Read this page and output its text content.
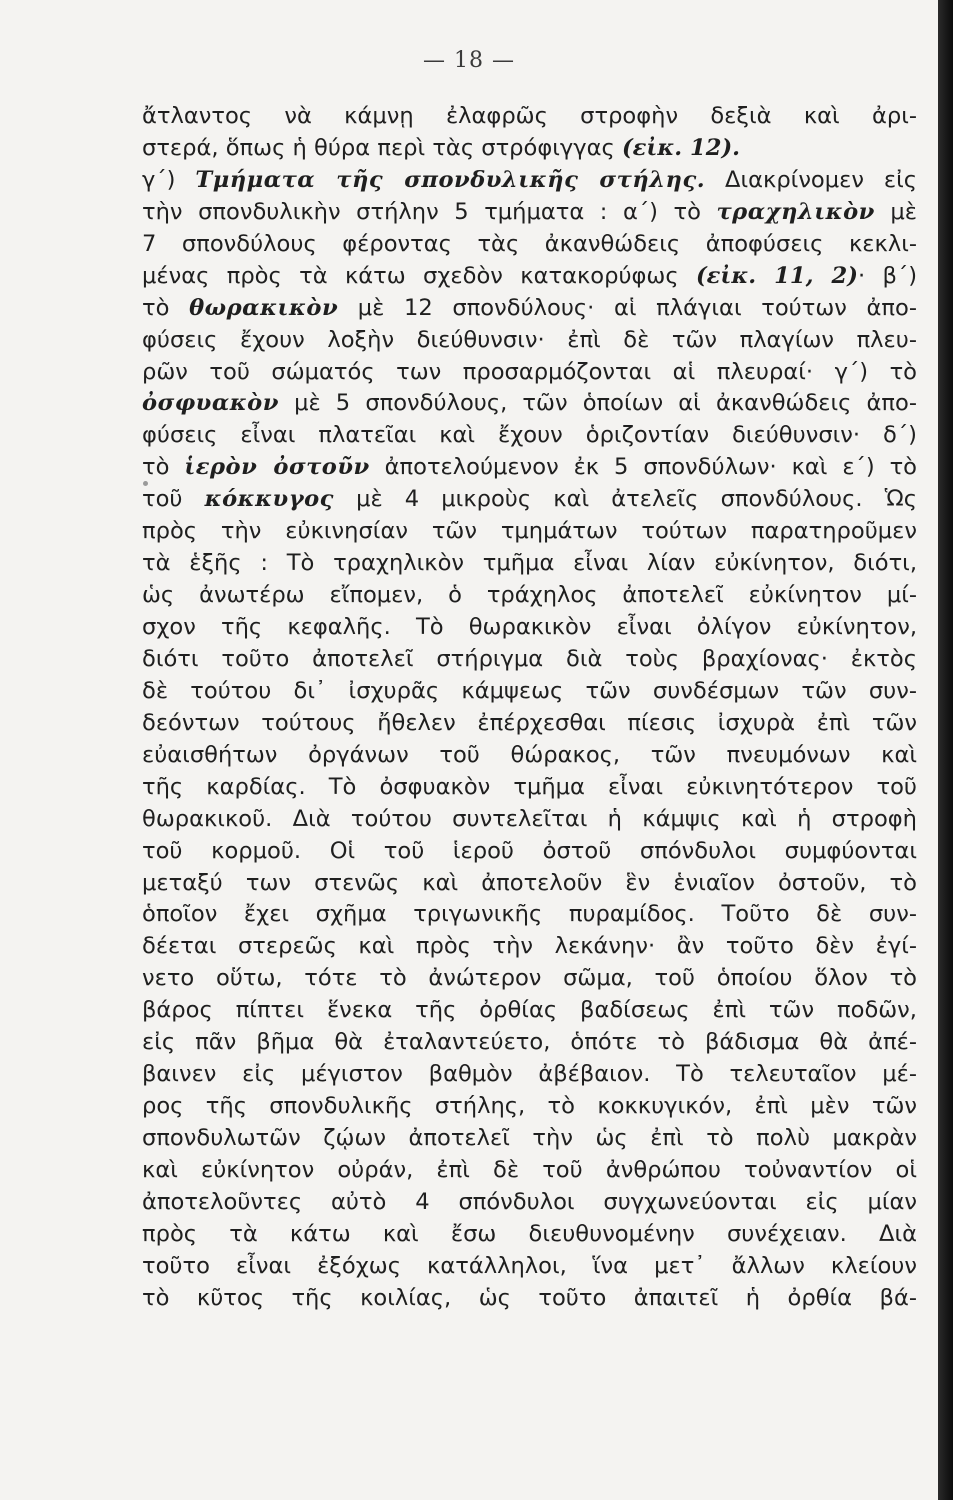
— 18 —
ἄτλαντος νὰ κάμνῃ ἐλαφρῶς στροφὴν δεξιὰ καὶ ἀρι-
στερά, ὅπως ἡ θύρα περὶ τὰς στρόφιγγας (εἰκ. 12).
γ´) Τμήματα τῆς σπονδυλικῆς στήλης. Διακρίνομεν εἰς
τὴν σπονδυλικὴν στήλην 5 τμήματα : α´) τὸ τραχηλικὸν μὲ
7 σπονδύλους φέροντας τὰς ἀκανθώδεις ἀποφύσεις κεκλι-
μένας πρὸς τὰ κάτω σχεδὸν κατακορύφως (εἰκ. 11, 2)· β´)
τὸ θωρακικὸν μὲ 12 σπονδύλους· αἱ πλάγιαι τούτων ἀπο-
φύσεις ἔχουν λοξὴν διεύθυνσιν· ἐπὶ δὲ τῶν πλαγίων πλευ-
ρῶν τοῦ σώματός των προσαρμόζονται αἱ πλευραί· γ´) τὸ
ὀσφυακὸν μὲ 5 σπονδύλους, τῶν ὁποίων αἱ ἀκανθώδεις ἀπο-
φύσεις εἶναι πλατεῖαι καὶ ἔχουν ὁριζοντίαν διεύθυνσιν· δ´)
τὸ ἱερὸν ὀστοῦν ἀποτελούμενον ἐκ 5 σπονδύλων· καὶ ε´) τὸ
τοῦ κόκκυγος μὲ 4 μικροὺς καὶ ἀτελεῖς σπονδύλους. Ὡς
πρὸς τὴν εὐκινησίαν τῶν τμημάτων τούτων παρατηροῦμεν
τὰ ἑξῆς : Τὸ τραχηλικὸν τμῆμα εἶναι λίαν εὐκίνητον, διότι,
ὡς ἀνωτέρω εἴπομεν, ὁ τράχηλος ἀποτελεῖ εὐκίνητον μί-
σχον τῆς κεφαλῆς. Τὸ θωρακικὸν εἶναι ὀλίγον εὐκίνητον,
διότι τοῦτο ἀποτελεῖ στήριγμα διὰ τοὺς βραχίονας· ἐκτὸς
δὲ τούτου δι᾽ ἰσχυρᾶς κάμψεως τῶν συνδέσμων τῶν συν-
δεόντων τούτους ἤθελεν ἐπέρχεσθαι πίεσις ἰσχυρὰ ἐπὶ τῶν
εὐαισθήτων ὀργάνων τοῦ θώρακος, τῶν πνευμόνων καὶ
τῆς καρδίας. Τὸ ὀσφυακὸν τμῆμα εἶναι εὐκινητότερον τοῦ
θωρακικοῦ. Διὰ τούτου συντελεῖται ἡ κάμψις καὶ ἡ στροφὴ
τοῦ κορμοῦ. Οἱ τοῦ ἱεροῦ ὀστοῦ σπόνδυλοι συμφύονται
μεταξύ των στενῶς καὶ ἀποτελοῦν ἓν ἑνιαῖον ὀστοῦν, τὸ
ὁποῖον ἔχει σχῆμα τριγωνικῆς πυραμίδος. Τοῦτο δὲ συν-
δέεται στερεῶς καὶ πρὸς τὴν λεκάνην· ἂν τοῦτο δὲν ἐγί-
νετο οὕτω, τότε τὸ ἀνώτερον σῶμα, τοῦ ὁποίου ὅλον τὸ
βάρος πίπτει ἕνεκα τῆς ὀρθίας βαδίσεως ἐπὶ τῶν ποδῶν,
εἰς πᾶν βῆμα θὰ ἐταλαντεύετο, ὁπότε τὸ βάδισμα θὰ ἀπέ-
βαινεν εἰς μέγιστον βαθμὸν ἀβέβαιον. Τὸ τελευταῖον μέ-
ρος τῆς σπονδυλικῆς στήλης, τὸ κοκκυγικόν, ἐπὶ μὲν τῶν
σπονδυλωτῶν ζῴων ἀποτελεῖ τὴν ὡς ἐπὶ τὸ πολὺ μακρὰν
καὶ εὐκίνητον οὐράν, ἐπὶ δὲ τοῦ ἀνθρώπου τοὐναντίον οἱ
ἀποτελοῦντες αὐτὸ 4 σπόνδυλοι συγχωνεύονται εἰς μίαν
πρὸς τὰ κάτω καὶ ἔσω διευθυνομένην συνέχειαν. Διὰ
τοῦτο εἶναι ἐξόχως κατάλληλοι, ἵνα μετ᾽ ἄλλων κλείουν
τὸ κῦτος τῆς κοιλίας, ὡς τοῦτο ἀπαιτεῖ ἡ ὀρθία βά-
